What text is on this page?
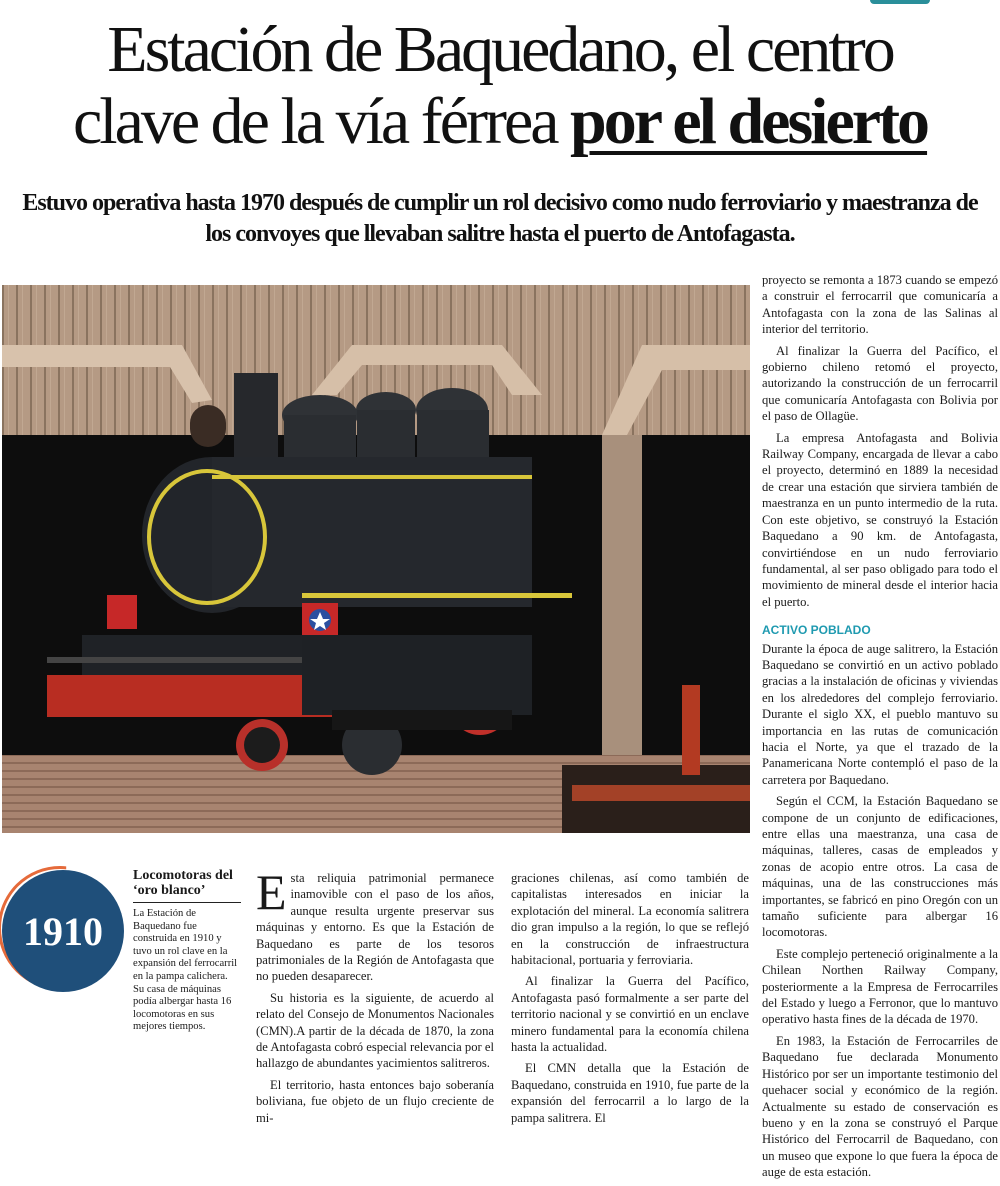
Estación de Baquedano, el centro
clave de la vía férrea por el desierto

Estuvo operativa hasta 1970 después de cumplir un rol decisivo como nudo ferroviario y maestranza de los convoyes que llevaban salitre hasta el puerto de Antofagasta.

proyecto se remonta a 1873 cuando se empezó a construir el ferrocarril que comunicaría a Antofagasta con la zona de las Salinas al interior del territorio.

Al finalizar la Guerra del Pacífico, el gobierno chileno retomó el proyecto, autorizando la construcción de un ferrocarril que comunicaría Antofagasta con Bolivia por el paso de Ollagüe.

La empresa Antofagasta and Bolivia Railway Company, encargada de llevar a cabo el proyecto, determinó en 1889 la necesidad de crear una estación que sirviera también de maestranza en un punto intermedio de la ruta. Con este objetivo, se construyó la Estación Baquedano a 90 km. de Antofagasta, convirtiéndose en un nudo ferroviario fundamental, al ser paso obligado para todo el movimiento de mineral desde el interior hacia el puerto.

ACTIVO POBLADO

Durante la época de auge salitrero, la Estación Baquedano se convirtió en un activo poblado gracias a la instalación de oficinas y viviendas en los alrededores del complejo ferroviario. Durante el siglo XX, el pueblo mantuvo su importancia en las rutas de comunicación hacia el Norte, ya que el trazado de la Panamericana Norte contempló el paso de la carretera por Baquedano.

Según el CCM, la Estación Baquedano se compone de un conjunto de edificaciones, entre ellas una maestranza, una casa de máquinas, talleres, casas de empleados y zonas de acopio entre otros. La casa de máquinas, una de las construcciones más importantes, se fabricó en pino Oregón con un tamaño suficiente para albergar 16 locomotoras.

Este complejo perteneció originalmente a la Chilean Northen Railway Company, posteriormente a la Empresa de Ferrocarriles del Estado y luego a Ferronor, que lo mantuvo operativo hasta fines de la década de 1970.

En 1983, la Estación de Ferrocarriles de Baquedano fue declarada Monumento Histórico por ser un importante testimonio del quehacer social y económico de la región. Actualmente su estado de conservación es bueno y en la zona se construyó el Parque Histórico del Ferrocarril de Baquedano, con un museo que expone lo que fuera la época de auge de esta estación.

1910
Locomotoras del ‘oro blanco’

La Estación de Baquedano fue construida en 1910 y tuvo un rol clave en la expansión del ferrocarril en la pampa calichera. Su casa de máquinas podía albergar hasta 16 locomotoras en sus mejores tiempos.

Esta reliquia patrimonial permanece inamovible con el paso de los años, aunque resulta urgente preservar sus máquinas y entorno. Es que la Estación de Baquedano es parte de los tesoros patrimoniales de la Región de Antofagasta que no pueden desaparecer.

Su historia es la siguiente, de acuerdo al relato del Consejo de Monumentos Nacionales (CMN).A partir de la década de 1870, la zona de Antofagasta cobró especial relevancia por el hallazgo de abundantes yacimientos salitreros.

El territorio, hasta entonces bajo soberanía boliviana, fue objeto de un flujo creciente de mi-

graciones chilenas, así como también de capitalistas interesados en iniciar la explotación del mineral. La economía salitrera dio gran impulso a la región, lo que se reflejó en la construcción de infraestructura habitacional, portuaria y ferroviaria.

Al finalizar la Guerra del Pacífico, Antofagasta pasó formalmente a ser parte del territorio nacional y se convirtió en un enclave minero fundamental para la economía chilena hasta la actualidad.

El CMN detalla que la Estación de Baquedano, construida en 1910, fue parte de la expansión del ferrocarril a lo largo de la pampa salitrera. El
